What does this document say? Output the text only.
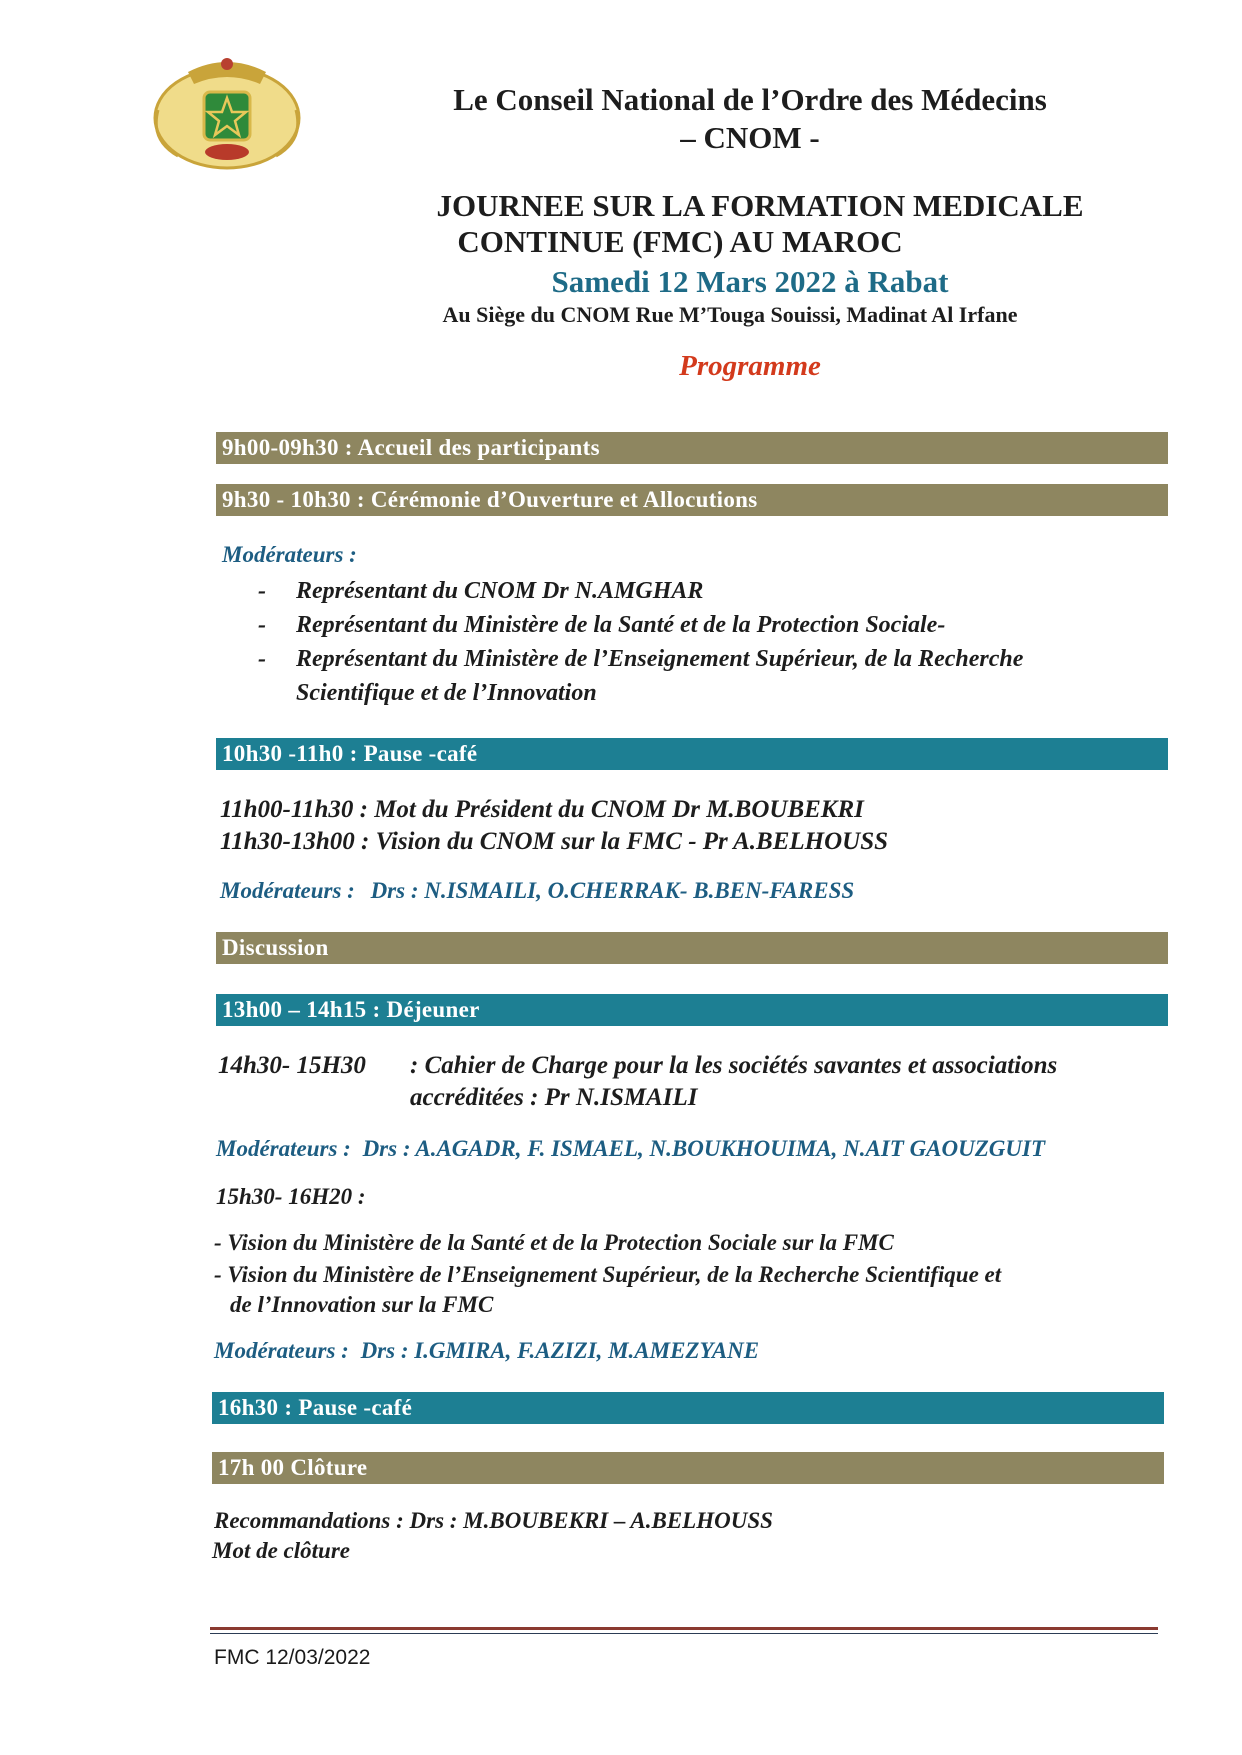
Le Conseil National de l’Ordre des Médecins
– CNOM -
JOURNEE SUR LA FORMATION MEDICALE
CONTINUE (FMC) AU MAROC
Samedi 12 Mars 2022 à Rabat
Au Siège du CNOM Rue M’Touga Souissi, Madinat Al Irfane
Programme
9h00-09h30 : Accueil des participants
9h30 - 10h30 : Cérémonie d’Ouverture et Allocutions
Modérateurs :
- Représentant du CNOM Dr N.AMGHAR
- Représentant du Ministère de la Santé et de la Protection Sociale-
- Représentant du Ministère de l’Enseignement Supérieur, de la Recherche
Scientifique et de l’Innovation
10h30 -11h0 : Pause -café
11h00-11h30 : Mot du Président du CNOM Dr M.BOUBEKRI
11h30-13h00 : Vision du CNOM sur la FMC - Pr A.BELHOUSS
Modérateurs : Drs : N.ISMAILI, O.CHERRAK- B.BEN-FARESS
Discussion
13h00 – 14h15 : Déjeuner
14h30- 15H30 : Cahier de Charge pour la les sociétés savantes et associations
accréditées : Pr N.ISMAILI
Modérateurs : Drs : A.AGADR, F. ISMAEL, N.BOUKHOUIMA, N.AIT GAOUZGUIT
15h30- 16H20 :
- Vision du Ministère de la Santé et de la Protection Sociale sur la FMC
- Vision du Ministère de l’Enseignement Supérieur, de la Recherche Scientifique et
de l’Innovation sur la FMC
Modérateurs : Drs : I.GMIRA, F.AZIZI, M.AMEZYANE
16h30 : Pause -café
17h 00 Clôture
Recommandations : Drs : M.BOUBEKRI – A.BELHOUSS
Mot de clôture
FMC 12/03/2022
